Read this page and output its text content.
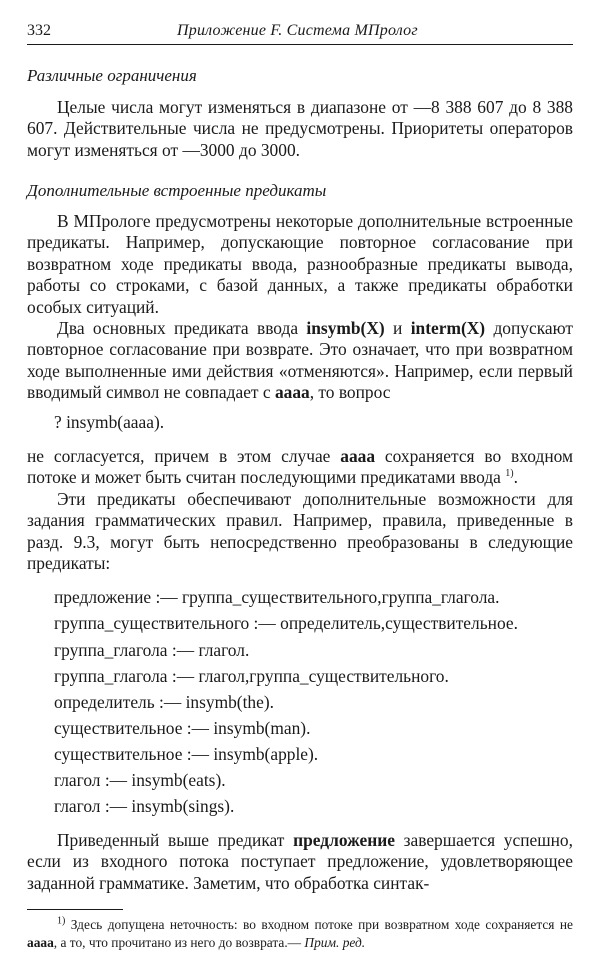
332	Приложение F. Система МПролог
Различные ограничения

Целые числа могут изменяться в диапазоне от —8 388 607 до 8 388 607. Действительные числа не предусмотрены. Приоритеты операторов могут изменяться от —3000 до 3000.

Дополнительные встроенные предикаты

В МПрологе предусмотрены некоторые дополнительные встроенные предикаты. Например, допускающие повторное согласование при возвратном ходе предикаты ввода, разнообразные предикаты вывода, работы со строками, с базой данных, а также предикаты обработки особых ситуаций.

Два основных предиката ввода insymb(X) и interm(X) допускают повторное согласование при возврате. Это означает, что при возвратном ходе выполненные ими действия «отменяются». Например, если первый вводимый символ не совпадает с аааа, то вопрос

? insymb(aaaa).

не согласуется, причем в этом случае аааа сохраняется во входном потоке и может быть считан последующими предикатами ввода $^{1)}$.

Эти предикаты обеспечивают дополнительные возможности для задания грамматических правил. Например, правила, приведенные в разд. 9.3, могут быть непосредственно преобразованы в следующие предикаты:

предложение :— группа_существительного,группа_глагола.
группа_существительного :— определитель,существительное.
группа_глагола :— глагол.
группа_глагола :— глагол,группа_существительного.
определитель :— insymb(the).
существительное :— insymb(man).
существительное :— insymb(apple).
глагол :— insymb(eats).
глагол :— insymb(sings).

Приведенный выше предикат предложение завершается успешно, если из входного потока поступает предложение, удовлетворяющее заданной грамматике. Заметим, что обработка синтак-

$^{1)}$ Здесь допущена неточность: во входном потоке при возвратном ходе сохраняется не аааа, а то, что прочитано из него до возврата.— Прим. ред.
